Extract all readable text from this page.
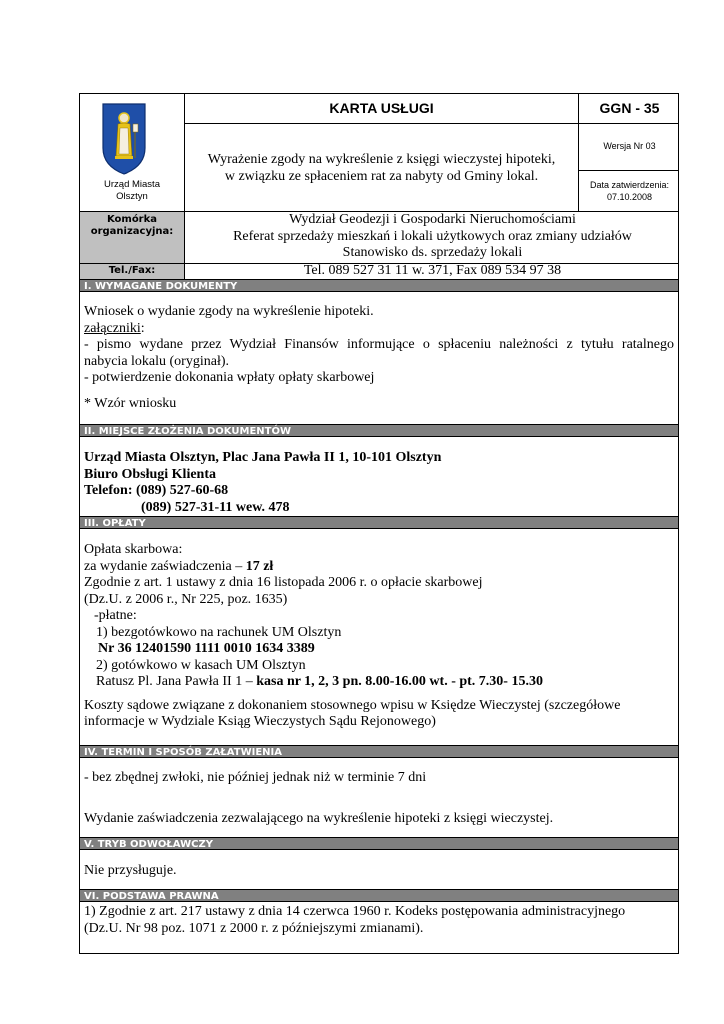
Urząd Miasta
Olsztyn
KARTA USŁUGI	GGN - 35
Wyrażenie zgody na wykreślenie z księgi wieczystej hipoteki,
w związku ze spłaceniem rat za nabyty od Gminy lokal.
Wersja Nr 03
Data zatwierdzenia:
07.10.2008
Komórka
organizacyjna:
Wydział Geodezji i Gospodarki Nieruchomościami
Referat sprzedaży mieszkań i lokali użytkowych oraz zmiany udziałów
Stanowisko ds. sprzedaży lokali
Tel./Fax:	Tel. 089 527 31 11 w. 371, Fax 089 534 97 38
I. WYMAGANE DOKUMENTY
Wniosek o wydanie zgody na wykreślenie hipoteki.
załączniki:
- pismo wydane przez Wydział Finansów informujące o spłaceniu należności z tytułu ratalnego
nabycia lokalu (oryginał).
- potwierdzenie dokonania wpłaty opłaty skarbowej
* Wzór wniosku
II. MIEJSCE ZŁOŻENIA DOKUMENTÓW
Urząd Miasta Olsztyn, Plac Jana Pawła II 1, 10-101 Olsztyn
Biuro Obsługi Klienta
Telefon: (089) 527-60-68
(089) 527-31-11 wew. 478
III. OPŁATY
Opłata skarbowa:
za wydanie zaświadczenia – 17 zł
Zgodnie z art. 1 ustawy z dnia 16 listopada 2006 r. o opłacie skarbowej
(Dz.U. z 2006 r., Nr 225, poz. 1635)
-płatne:
1) bezgotówkowo na rachunek UM Olsztyn
Nr 36 12401590 1111 0010 1634 3389
2) gotówkowo w kasach UM Olsztyn
Ratusz Pl. Jana Pawła II 1 – kasa nr 1, 2, 3 pn. 8.00-16.00 wt. - pt. 7.30- 15.30
Koszty sądowe związane z dokonaniem stosownego wpisu w Księdze Wieczystej (szczegółowe
informacje w Wydziale Ksiąg Wieczystych Sądu Rejonowego)
IV. TERMIN I SPOSÓB ZAŁATWIENIA
- bez zbędnej zwłoki, nie później jednak niż w terminie 7 dni
Wydanie zaświadczenia zezwalającego na wykreślenie hipoteki z księgi wieczystej.
V. TRYB ODWOŁAWCZY
Nie przysługuje.
VI. PODSTAWA PRAWNA
1) Zgodnie z art. 217 ustawy z dnia 14 czerwca 1960 r. Kodeks postępowania administracyjnego
(Dz.U. Nr 98 poz. 1071 z 2000 r. z późniejszymi zmianami).
